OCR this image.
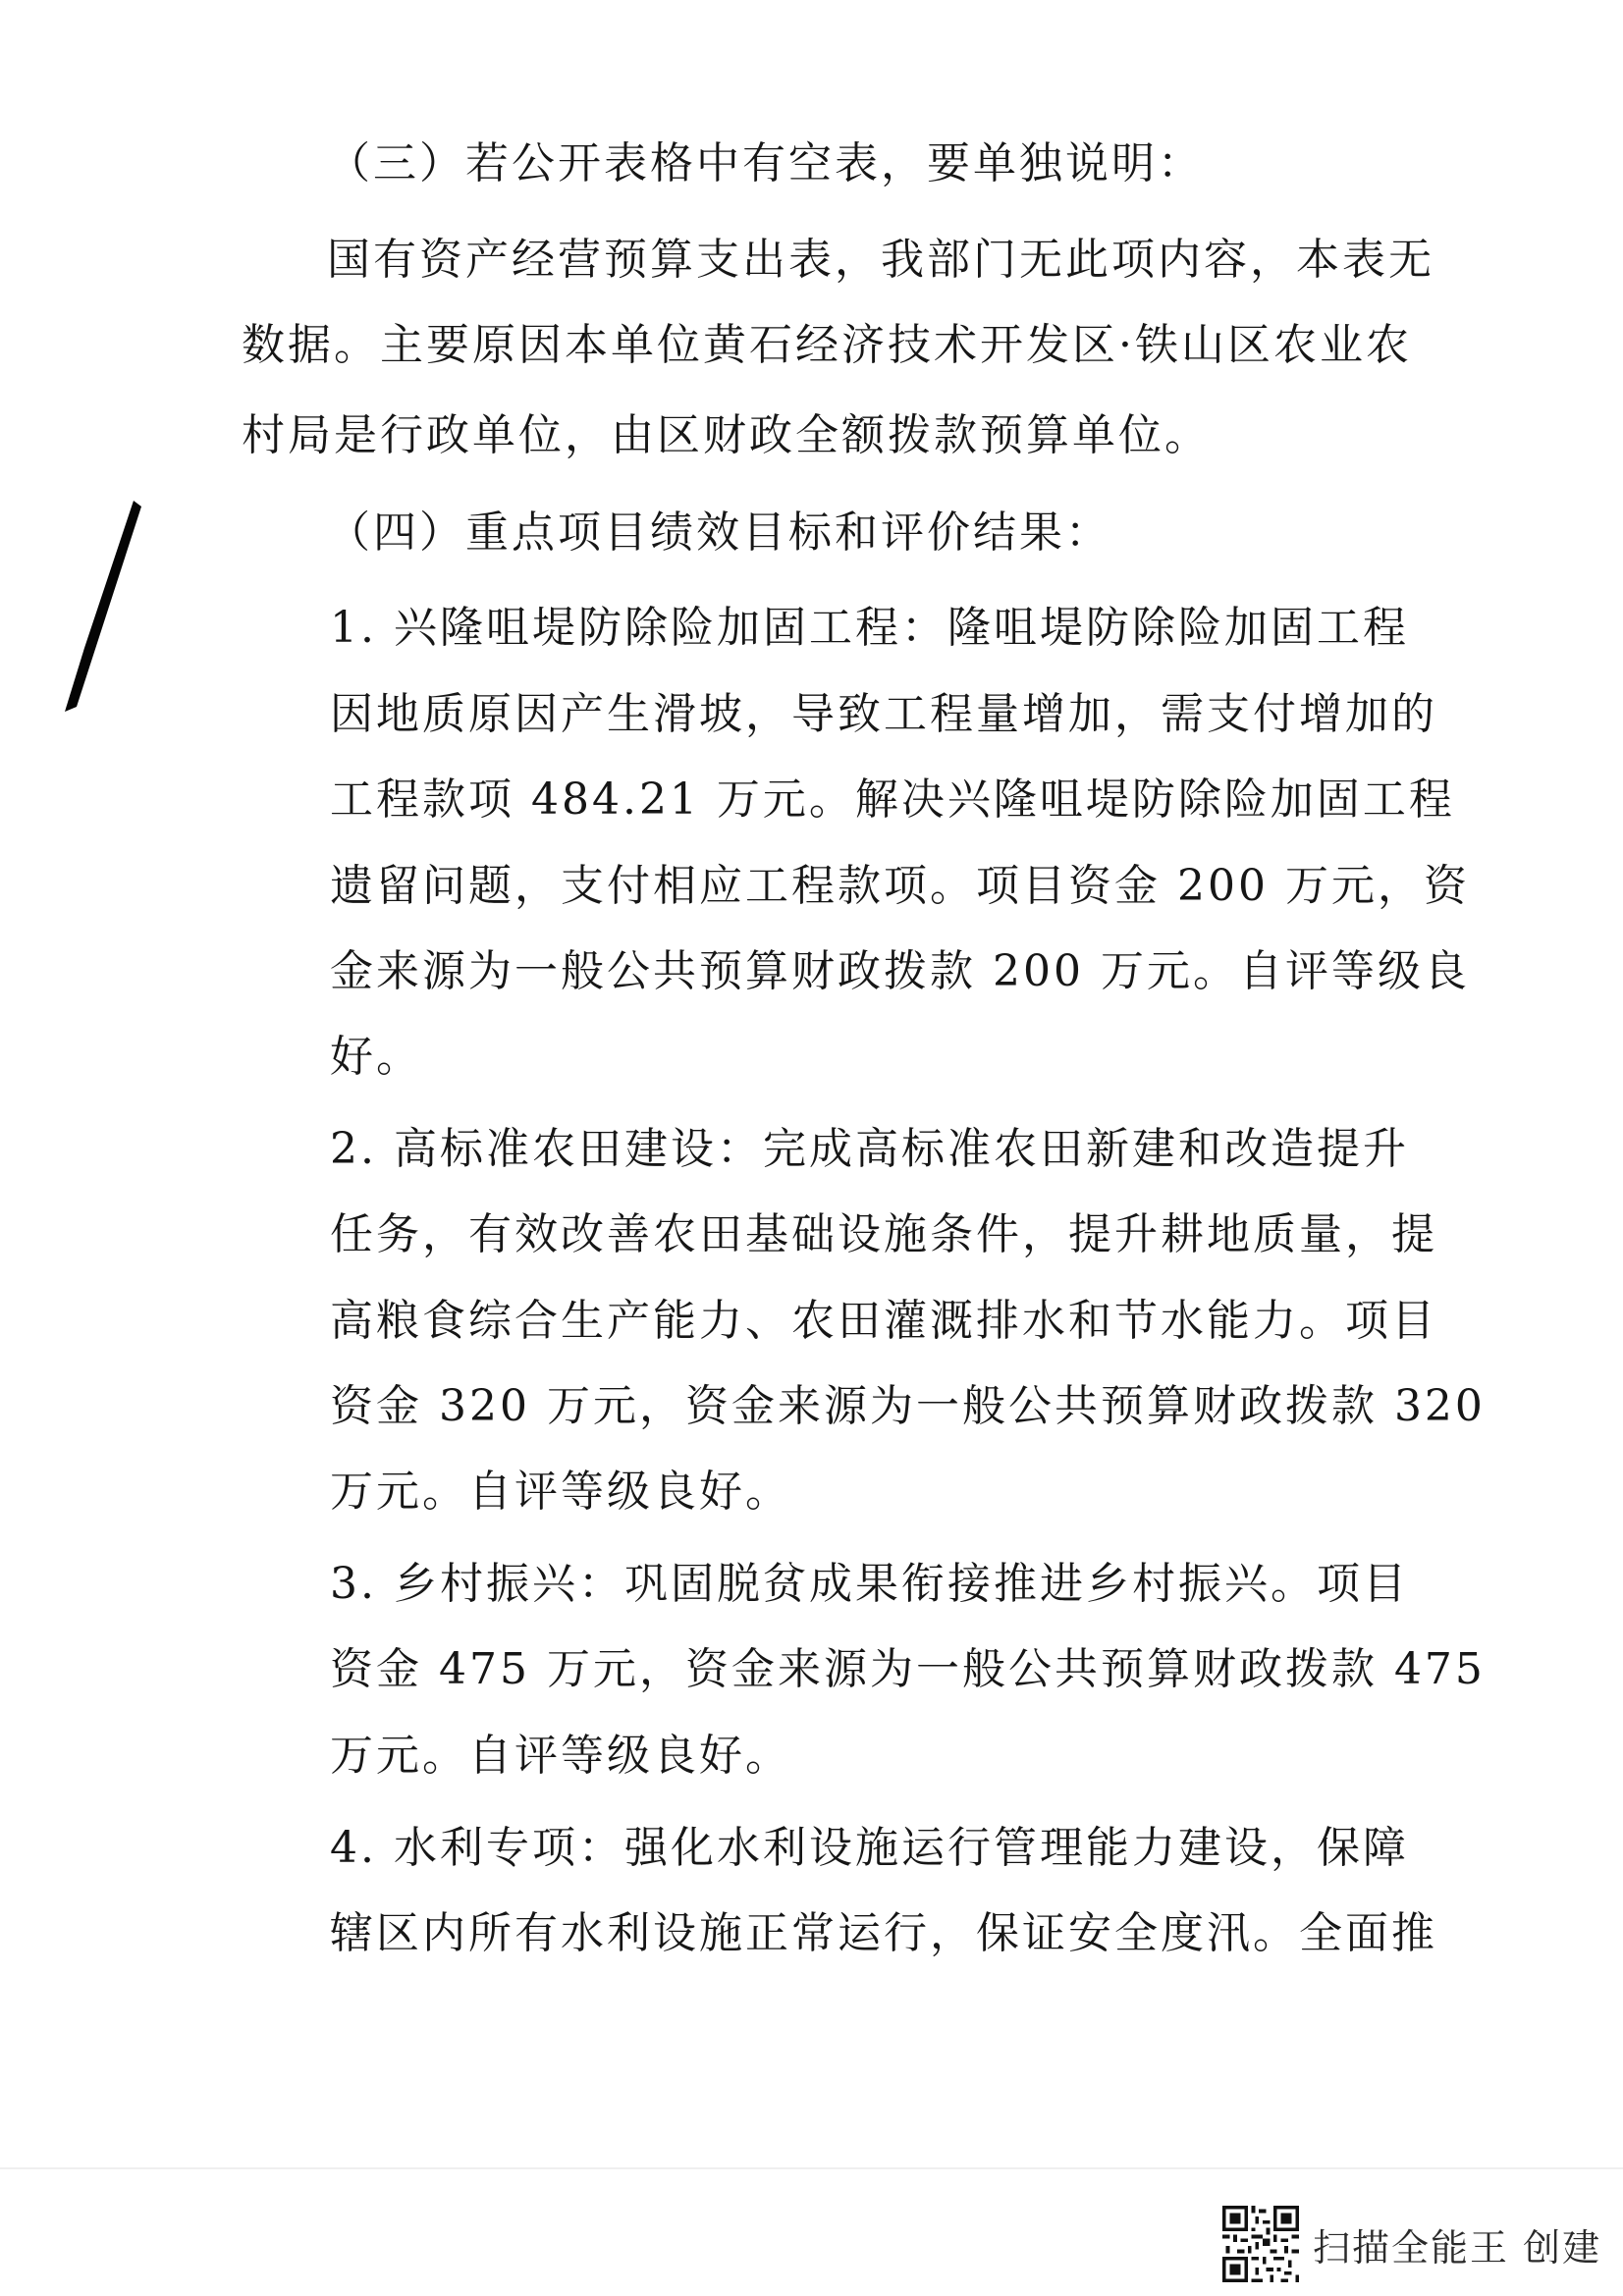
（三）若公开表格中有空表，要单独说明：
国有资产经营预算支出表，我部门无此项内容，本表无
数据。主要原因本单位黄石经济技术开发区·铁山区农业农
村局是行政单位，由区财政全额拨款预算单位。
（四）重点项目绩效目标和评价结果：
1. 兴隆咀堤防除险加固工程：隆咀堤防除险加固工程
因地质原因产生滑坡，导致工程量增加，需支付增加的
工程款项 484.21 万元。解决兴隆咀堤防除险加固工程
遗留问题，支付相应工程款项。项目资金 200 万元，资
金来源为一般公共预算财政拨款 200 万元。自评等级良
好。
2. 高标准农田建设：完成高标准农田新建和改造提升
任务，有效改善农田基础设施条件，提升耕地质量，提
高粮食综合生产能力、农田灌溉排水和节水能力。项目
资金 320 万元，资金来源为一般公共预算财政拨款 320
万元。自评等级良好。
3. 乡村振兴：巩固脱贫成果衔接推进乡村振兴。项目
资金 475 万元，资金来源为一般公共预算财政拨款 475
万元。自评等级良好。
4. 水利专项：强化水利设施运行管理能力建设，保障
辖区内所有水利设施正常运行，保证安全度汛。全面推
扫描全能王 创建
